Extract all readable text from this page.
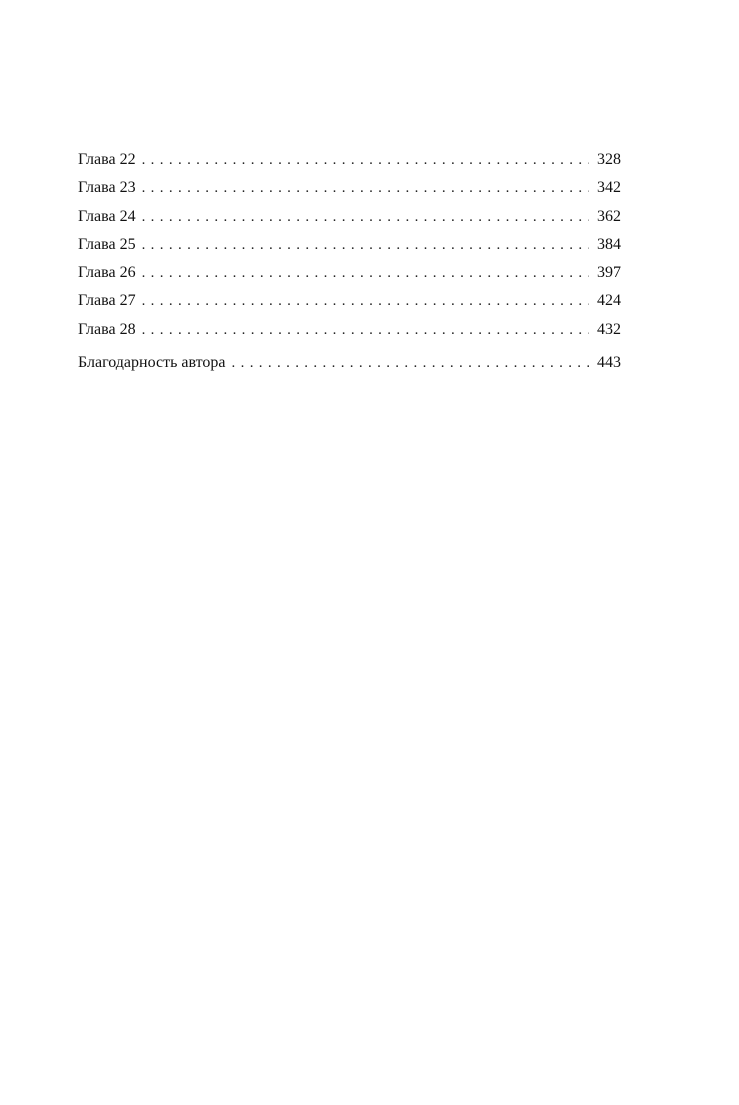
Глава 22 . . .	328
Глава 23 . . .	342
Глава 24 . . .	362
Глава 25 . . .	384
Глава 26 . . .	397
Глава 27 . . .	424
Глава 28 . . .	432
Благодарность автора . . .	443
